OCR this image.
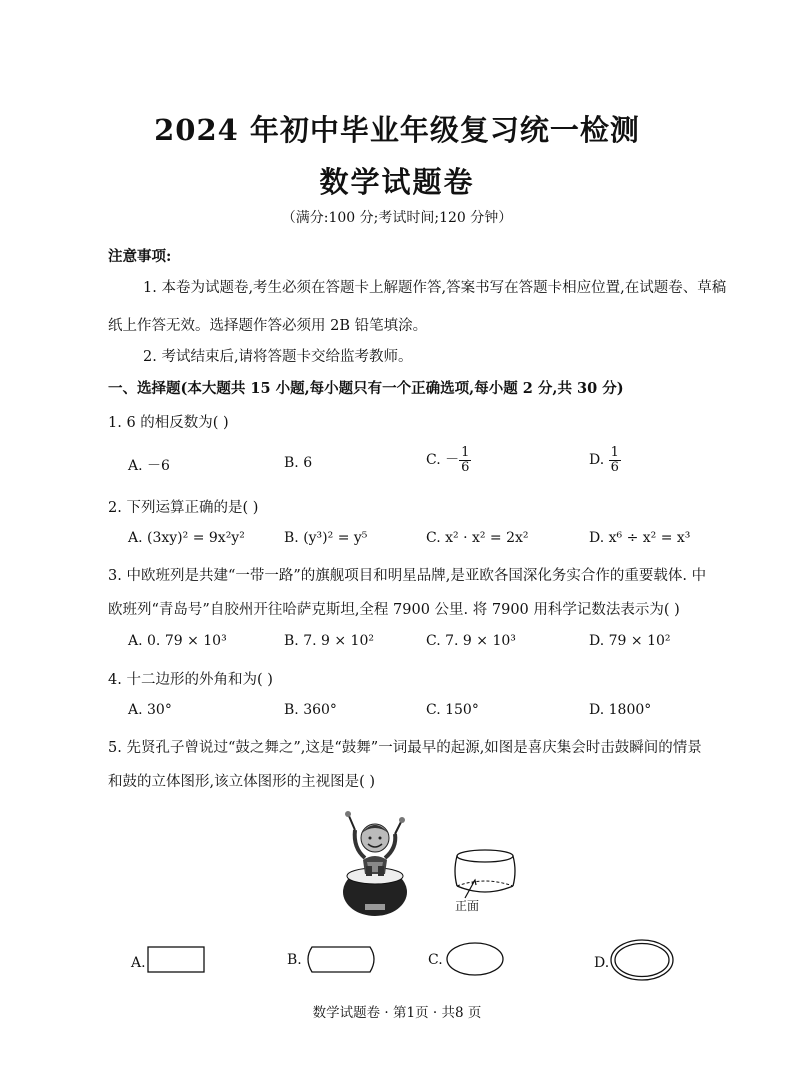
2024 年初中毕业年级复习统一检测
数学试题卷
（满分:100 分;考试时间;120 分钟）
注意事项:
1. 本卷为试题卷,考生必须在答题卡上解题作答,答案书写在答题卡相应位置,在试题卷、草稿
纸上作答无效。选择题作答必须用 2B 铅笔填涂。
2. 考试结束后,请将答题卡交给监考教师。
一、选择题(本大题共 15 小题,每小题只有一个正确选项,每小题 2 分,共 30 分)
1. 6 的相反数为( )
A. －6	B. 6	C. － $\frac{1}{6}$	D. $\frac{1}{6}$
2. 下列运算正确的是( )
A. (3xy)² = 9x²y²	B. (y³)² = y⁵	C. x² · x² = 2x²	D. x⁶ ÷ x² = x³
3. 中欧班列是共建“一带一路”的旗舰项目和明星品牌,是亚欧各国深化务实合作的重要载体. 中
欧班列“青岛号”自胶州开往哈萨克斯坦,全程 7900 公里. 将 7900 用科学记数法表示为( )
A. 0. 79 × 10³	B. 7. 9 × 10²	C. 7. 9 × 10³	D. 79 × 10²
4. 十二边形的外角和为( )
A. 30°	B. 360°	C. 150°	D. 1800°
5. 先贤孔子曾说过“鼓之舞之”,这是“鼓舞”一词最早的起源,如图是喜庆集会时击鼓瞬间的情景
和鼓的立体图形,该立体图形的主视图是( )
正面
A.	B.	C.	D.
数学试题卷 · 第1页 · 共8 页
